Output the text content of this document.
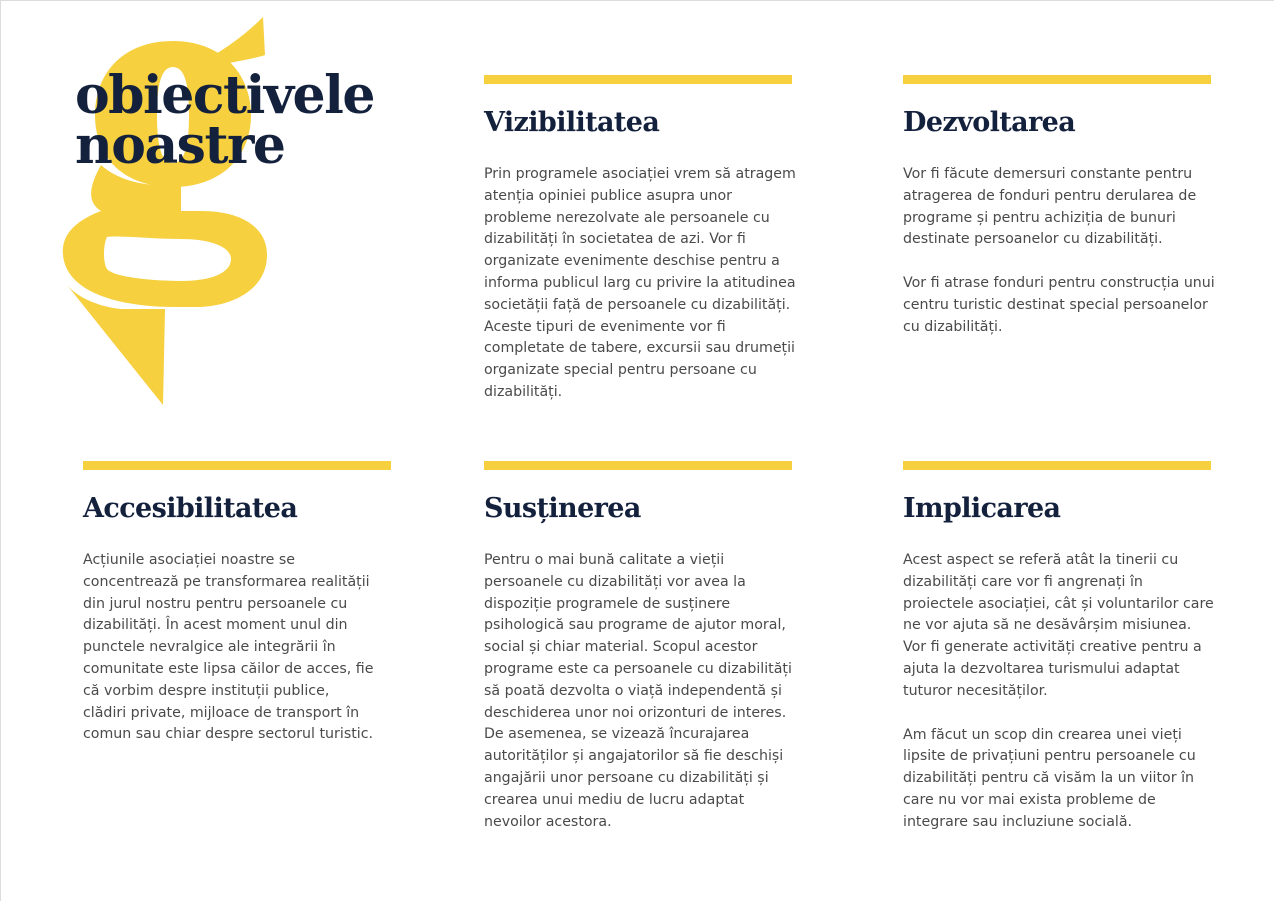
obiectivele
noastre	Vizibilitatea

Prin programele asociației vrem să atragem
atenția opiniei publice asupra unor
probleme nerezolvate ale persoanele cu
dizabilități în societatea de azi. Vor fi
organizate evenimente deschise pentru a
informa publicul larg cu privire la atitudinea
societății față de persoanele cu dizabilități.
Aceste tipuri de evenimente vor fi
completate de tabere, excursii sau drumeții
organizate special pentru persoane cu
dizabilități.

Dezvoltarea

Vor fi făcute demersuri constante pentru
atragerea de fonduri pentru derularea de
programe și pentru achiziția de bunuri
destinate persoanelor cu dizabilități.

Vor fi atrase fonduri pentru construcția unui
centru turistic destinat special persoanelor
cu dizabilități.

Accesibilitatea

Acțiunile asociației noastre se
concentrează pe transformarea realității
din jurul nostru pentru persoanele cu
dizabilități. În acest moment unul din
punctele nevralgice ale integrării în
comunitate este lipsa căilor de acces, fie
că vorbim despre instituții publice,
clădiri private, mijloace de transport în
comun sau chiar despre sectorul turistic.

Susținerea

Pentru o mai bună calitate a vieții
persoanele cu dizabilități vor avea la
dispoziție programele de susținere
psihologică sau programe de ajutor moral,
social și chiar material. Scopul acestor
programe este ca persoanele cu dizabilități
să poată dezvolta o viață independentă și
deschiderea unor noi orizonturi de interes.
De asemenea, se vizează încurajarea
autorităților și angajatorilor să fie deschiși
angajării unor persoane cu dizabilități și
crearea unui mediu de lucru adaptat
nevoilor acestora.

Implicarea

Acest aspect se referă atât la tinerii cu
dizabilități care vor fi angrenați în
proiectele asociației, cât și voluntarilor care
ne vor ajuta să ne desăvârșim misiunea.
Vor fi generate activități creative pentru a
ajuta la dezvoltarea turismului adaptat
tuturor necesităților.

Am făcut un scop din crearea unei vieți
lipsite de privațiuni pentru persoanele cu
dizabilități pentru că visăm la un viitor în
care nu vor mai exista probleme de
integrare sau incluziune socială.
